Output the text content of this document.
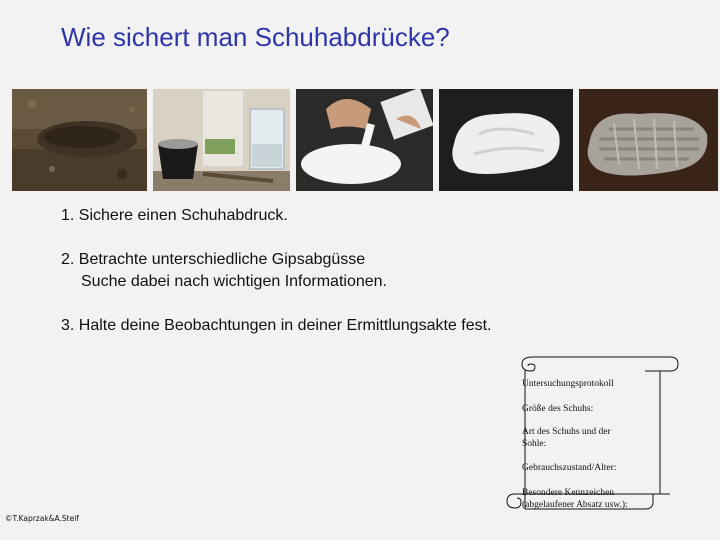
Wie sichert man Schuhabdrücke?
1. Sichere einen Schuhabdruck.
2. Betrachte unterschiedliche Gipsabgüsse
Suche dabei nach wichtigen Informationen.
3. Halte deine Beobachtungen in deiner Ermittlungsakte fest.
Untersuchungsprotokoll
Größe des Schuhs:
Art des Schuhs und der
Sohle:
Gebrauchszustand/Alter:
Besondere Kennzeichen
(abgelaufener Absatz usw.):
©T.Kaprzak&A.Steif
